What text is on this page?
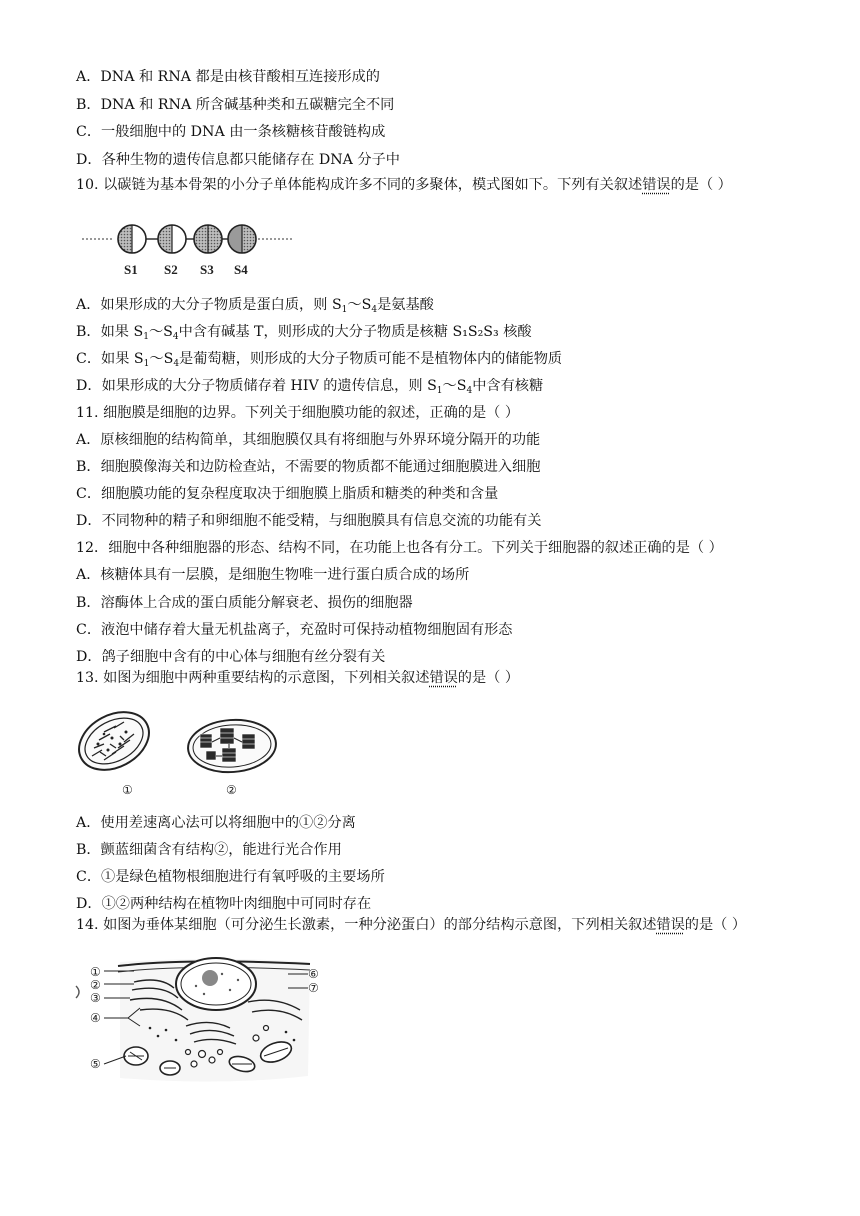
A．DNA 和 RNA 都是由核苷酸相互连接形成的
B．DNA 和 RNA 所含碱基种类和五碳糖完全不同
C．一般细胞中的 DNA 由一条核糖核苷酸链构成
D．各种生物的遗传信息都只能储存在 DNA 分子中
10. 以碳链为基本骨架的小分子单体能构成许多不同的多聚体，模式图如下。下列有关叙述错误的是（ ）
S1 S2 S3 S4
A．如果形成的大分子物质是蛋白质，则 $S_1\sim S_4$是氨基酸
B．如果 $S_1\sim S_4$中含有碱基 T，则形成的大分子物质是核糖 S₁S₂S₃ 核酸
C．如果 $S_1\sim S_4$是葡萄糖，则形成的大分子物质可能不是植物体内的储能物质
D．如果形成的大分子物质储存着 HIV 的遗传信息，则 $S_1\sim S_4$中含有核糖
11. 细胞膜是细胞的边界。下列关于细胞膜功能的叙述，正确的是（ ）
A．原核细胞的结构简单，其细胞膜仅具有将细胞与外界环境分隔开的功能
B．细胞膜像海关和边防检查站，不需要的物质都不能通过细胞膜进入细胞
C．细胞膜功能的复杂程度取决于细胞膜上脂质和糖类的种类和含量
D．不同物种的精子和卵细胞不能受精，与细胞膜具有信息交流的功能有关
12．细胞中各种细胞器的形态、结构不同，在功能上也各有分工。下列关于细胞器的叙述正确的是（ ）
A．核糖体具有一层膜，是细胞生物唯一进行蛋白质合成的场所
B．溶酶体上合成的蛋白质能分解衰老、损伤的细胞器
C．液泡中储存着大量无机盐离子，充盈时可保持动植物细胞固有形态
D．鸽子细胞中含有的中心体与细胞有丝分裂有关
13. 如图为细胞中两种重要结构的示意图，下列相关叙述错误的是（ ）
①	②
A．使用差速离心法可以将细胞中的①②分离
B．颤蓝细菌含有结构②，能进行光合作用
C．①是绿色植物根细胞进行有氧呼吸的主要场所
D．①②两种结构在植物叶肉细胞中可同时存在
14. 如图为垂体某细胞（可分泌生长激素，一种分泌蛋白）的部分结构示意图，下列相关叙述错误的是（ ）
①
②
③
④
⑤
⑥
⑦
